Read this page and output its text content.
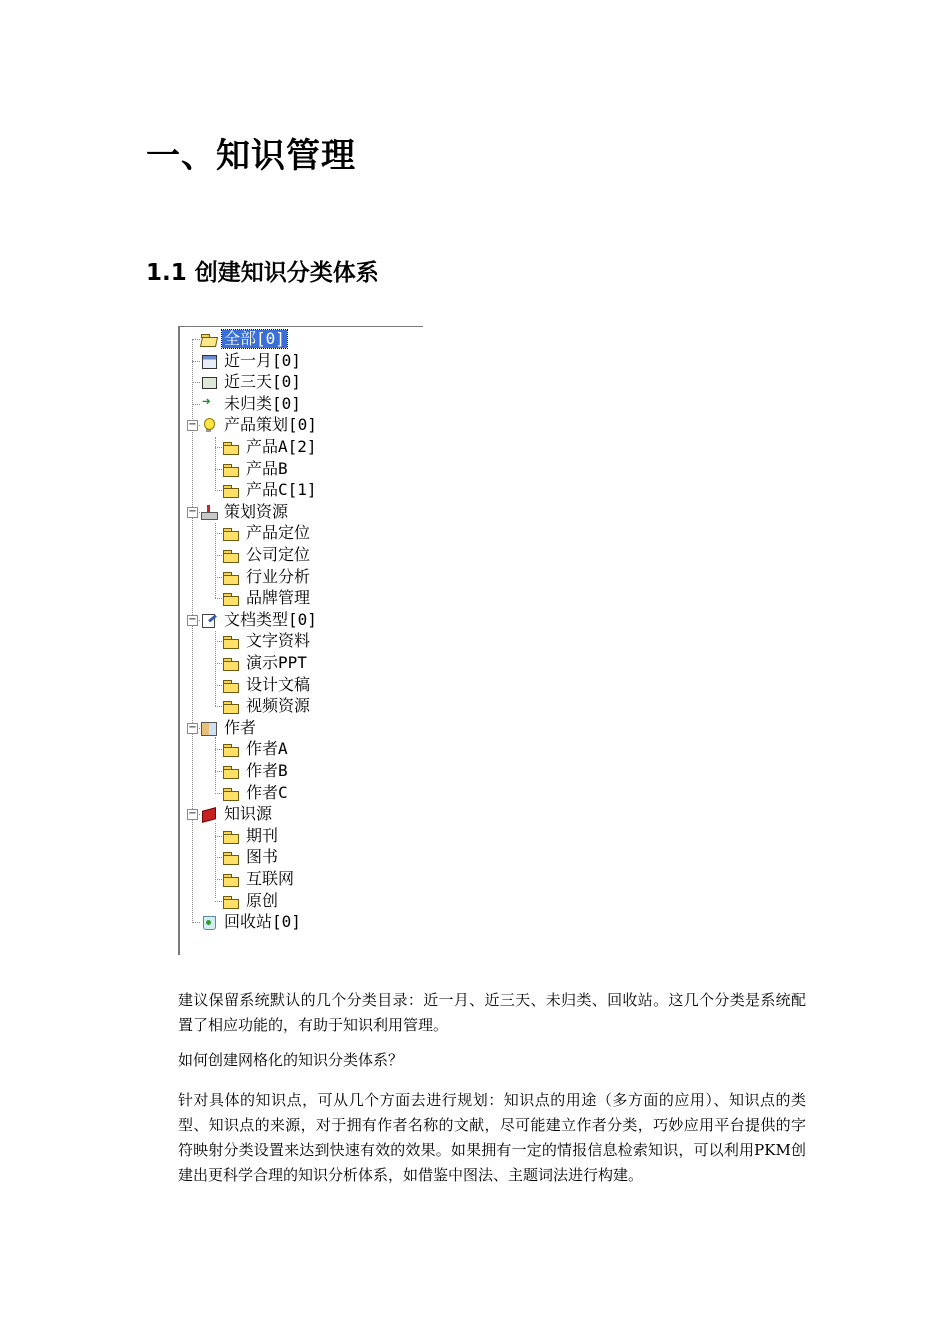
一、知识管理
1.1 创建知识分类体系
全部[0]
近一月[0]
近三天[0]
➜
未归类[0]
产品策划[0]
−
产品A[2]
产品B
产品C[1]
策划资源
−
产品定位
公司定位
行业分析
品牌管理
文档类型[0]
−
文字资料
演示PPT
设计文稿
视频资源
作者
−
作者A
作者B
作者C
知识源
−
期刊
图书
互联网
原创
回收站[0]
建议保留系统默认的几个分类目录：近一月、近三天、未归类、回收站。这几个分类是系统配置了相应功能的，有助于知识利用管理。
如何创建网格化的知识分类体系？
针对具体的知识点，可从几个方面去进行规划：知识点的用途（多方面的应用）、知识点的类型、知识点的来源，对于拥有作者名称的文献，尽可能建立作者分类，巧妙应用平台提供的字符映射分类设置来达到快速有效的效果。如果拥有一定的情报信息检索知识，可以利用PKM创建出更科学合理的知识分析体系，如借鉴中图法、主题词法进行构建。
